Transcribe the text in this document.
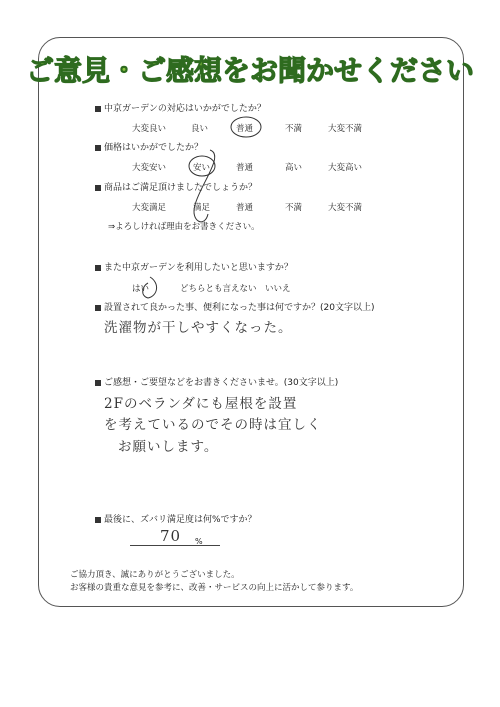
ご意見・ご感想をお聞かせください
中京ガーデンの対応はいかがでしたか？
大変良い	良い	普通	不満	大変不満
価格はいかがでしたか？
大変安い	安い	普通	高い	大変高い
商品はご満足頂けましたでしょうか？
大変満足	満足	普通	不満	大変不満
⇒よろしければ理由をお書きください。
また中京ガーデンを利用したいと思いますか？
はい	どちらとも言えない いいえ
設置されて良かった事、便利になった事は何ですか？(20文字以上)
洗濯物が干しやすくなった。
ご感想・ご要望などをお書きくださいませ。(30文字以上)
2Fのベランダにも屋根を設置
を考えているのでその時は宜しく
お願いします。
最後に、ズバリ満足度は何%ですか？
70 %
ご協力頂き、誠にありがとうございました。
お客様の貴重な意見を参考に、改善・サービスの向上に活かして参ります。
